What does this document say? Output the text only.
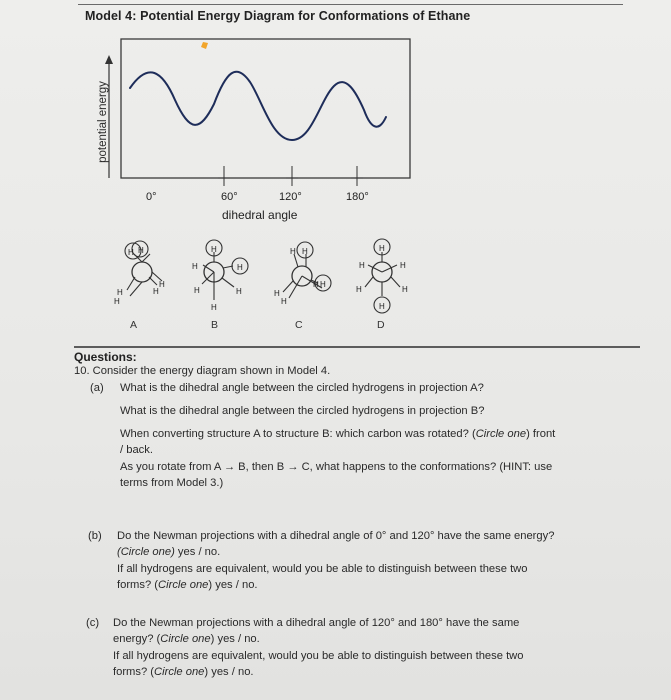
Model 4: Potential Energy Diagram for Conformations of Ethane
potential energy
0°	60°	120°	180°
dihedral angle
H H
H
H
H
H
H
H
H
H	H
H
H H
H
H
H H
H
H
H	H
H	H
A	B	C	D
Questions:
10. Consider the energy diagram shown in Model 4.
(a) What is the dihedral angle between the circled hydrogens in projection A?
What is the dihedral angle between the circled hydrogens in projection B?
When converting structure A to structure B: which carbon was rotated? (Circle one) front
/ back.
As you rotate from A → B, then B → C, what happens to the conformations? (HINT: use
terms from Model 3.)
(b) Do the Newman projections with a dihedral angle of 0° and 120° have the same energy?
(Circle one) yes / no.
If all hydrogens are equivalent, would you be able to distinguish between these two
forms? (Circle one) yes / no.
(c) Do the Newman projections with a dihedral angle of 120° and 180° have the same
energy? (Circle one) yes / no.
If all hydrogens are equivalent, would you be able to distinguish between these two
forms? (Circle one) yes / no.
